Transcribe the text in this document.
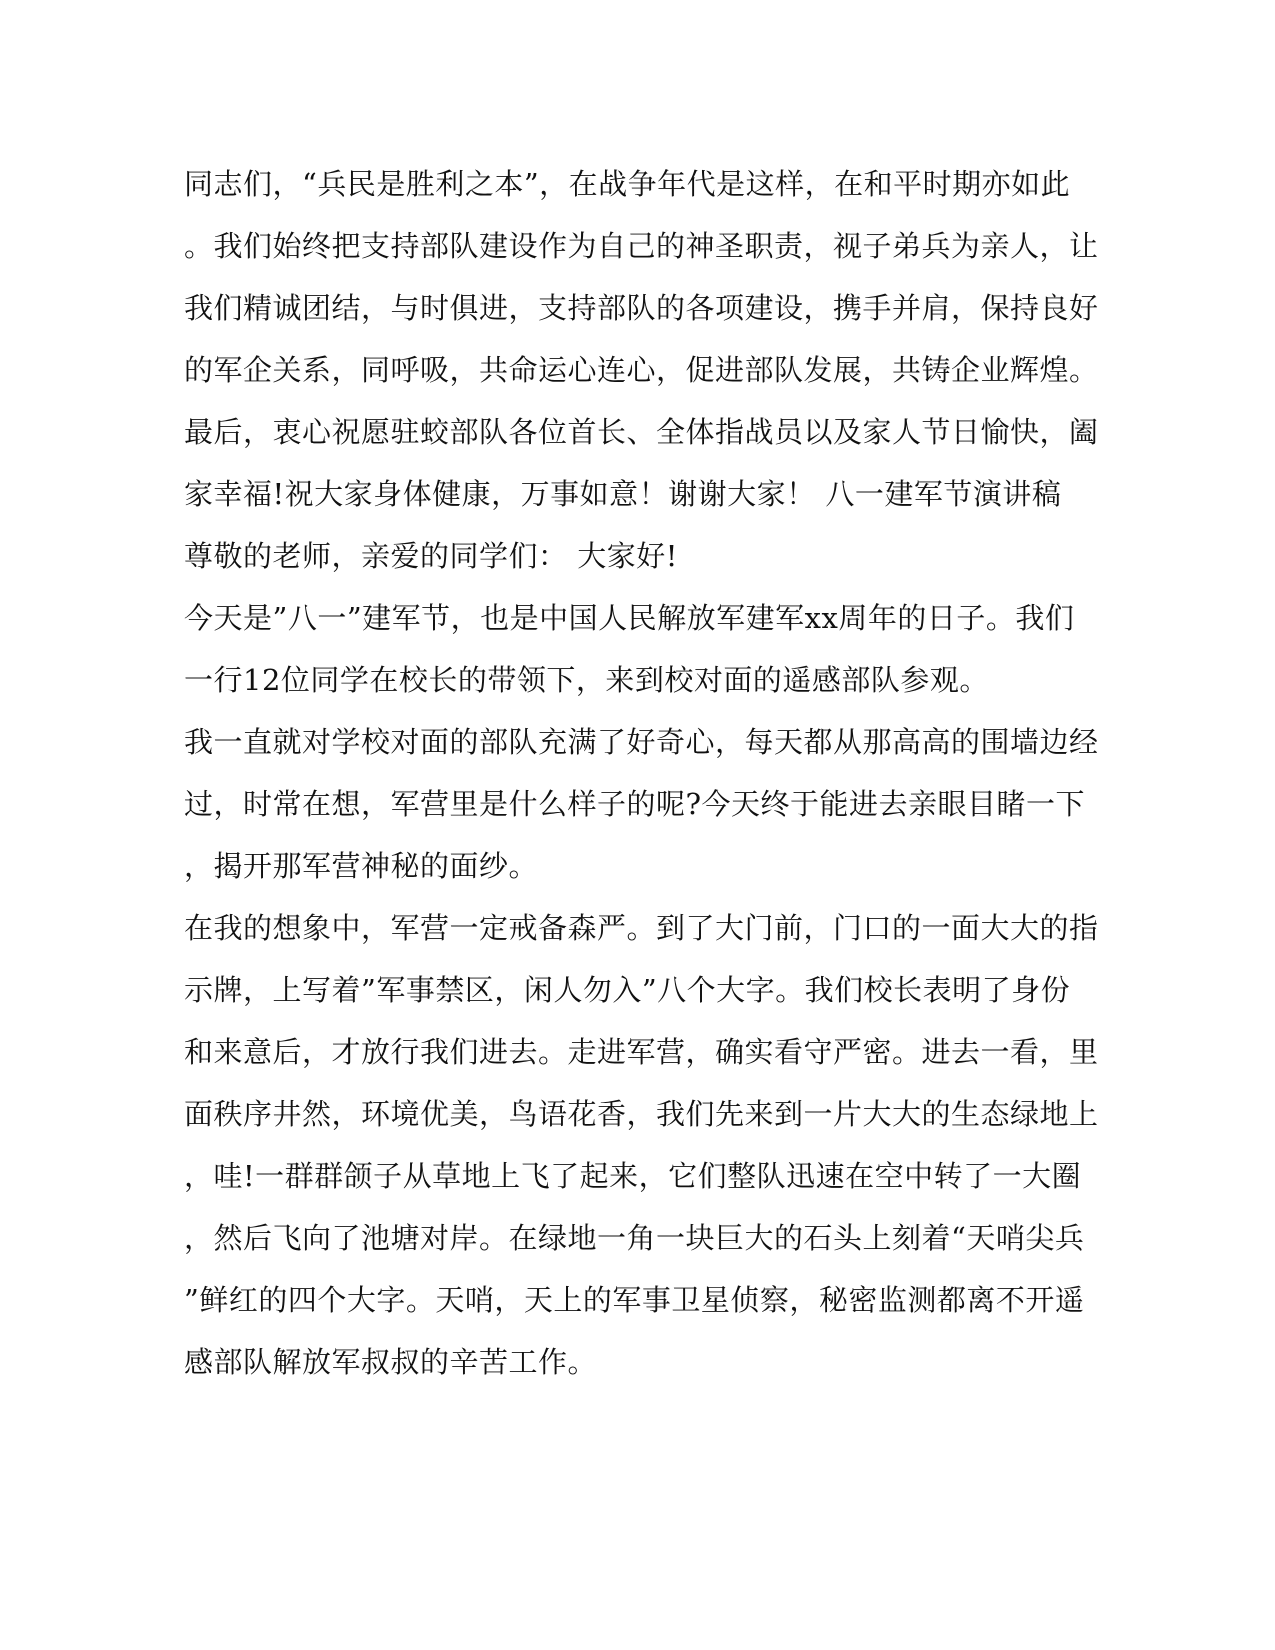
同志们，“兵民是胜利之本”，在战争年代是这样，在和平时期亦如此

。我们始终把支持部队建设作为自己的神圣职责，视子弟兵为亲人，让

我们精诚团结，与时俱进，支持部队的各项建设，携手并肩，保持良好

的军企关系，同呼吸，共命运心连心，促进部队发展，共铸企业辉煌。

最后，衷心祝愿驻蛟部队各位首长、全体指战员以及家人节日愉快，阖

家幸福!祝大家身体健康，万事如意！谢谢大家！ 八一建军节演讲稿

尊敬的老师，亲爱的同学们： 大家好!

今天是”八一”建军节，也是中国人民解放军建军xx周年的日子。我们

一行12位同学在校长的带领下，来到校对面的遥感部队参观。

我一直就对学校对面的部队充满了好奇心，每天都从那高高的围墙边经

过，时常在想，军营里是什么样子的呢?今天终于能进去亲眼目睹一下

，揭开那军营神秘的面纱。

在我的想象中，军营一定戒备森严。到了大门前，门口的一面大大的指

示牌，上写着”军事禁区，闲人勿入”八个大字。我们校长表明了身份

和来意后，才放行我们进去。走进军营，确实看守严密。进去一看，里

面秩序井然，环境优美，鸟语花香，我们先来到一片大大的生态绿地上

，哇!一群群颌子从草地上飞了起来，它们整队迅速在空中转了一大圈

，然后飞向了池塘对岸。在绿地一角一块巨大的石头上刻着“天哨尖兵

”鲜红的四个大字。天哨，天上的军事卫星侦察，秘密监测都离不开遥

感部队解放军叔叔的辛苦工作。
